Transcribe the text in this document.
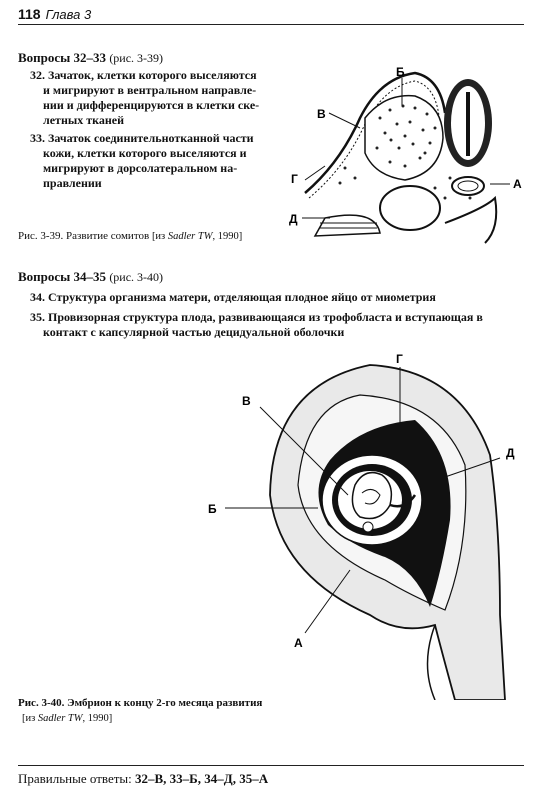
118 Глава 3
Вопросы 32–33 (рис. 3-39)
32. Зачаток, клетки которого выселяются
и мигрируют в вентральном направле-
нии и дифференцируются в клетки ске-
летных тканей
33. Зачаток соединительнотканной части
кожи, клетки которого выселяются и
мигрируют в дорсолатеральном на-
правлении
Рис. 3-39. Развитие сомитов [из Sadler TW, 1990]
Б
В
Г	А
Д
Вопросы 34–35 (рис. 3-40)
34. Структура организма матери, отделяющая плодное яйцо от миометрия
35. Провизорная структура плода, развивающаяся из трофобласта и вступающая в
контакт с капсулярной частью децидуальной оболочки
Г
В
Д
Б
А
Рис. 3-40. Эмбрион к концу 2-го месяца развития
[из Sadler TW, 1990]
Правильные ответы: 32–В, 33–Б, 34–Д, 35–А
